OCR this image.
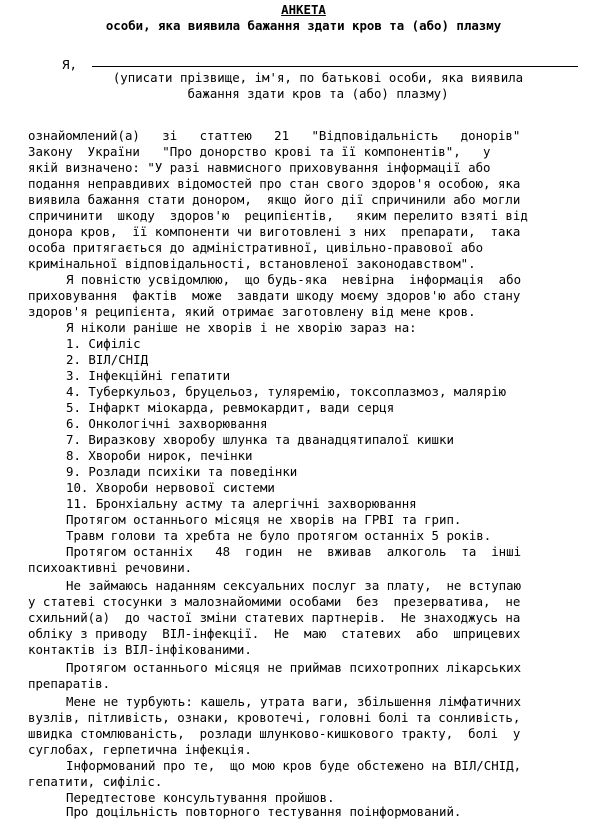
АНКЕТА
особи, яка виявила бажання здати кров та (або) плазму
Я,
(уписати прізвище, ім'я, по батькові особи, яка виявила
бажання здати кров та (або) плазму)
ознайомлений(а)   зі   статтею   21   "Відповідальність   донорів"
Закону  України   "Про донорство крові та її компонентів",   у
якій визначено: "У разі навмисного приховування інформації або
подання неправдивих відомостей про стан свого здоров'я особою, яка
виявила бажання стати донором,  якщо його дії спричинили або могли
спричинити  шкоду  здоров'ю  реципієнтів,   яким перелито взяті від
донора кров,  її компоненти чи виготовлені з них  препарати,  така
особа притягається до адміністративної, цивільно-правової або
кримінальної відповідальності, встановленої законодавством".
Я повністю усвідомлюю,  що будь-яка  невірна  інформація  або
приховування  фактів  може  завдати шкоду моєму здоров'ю або стану
здоров'я реципієнта, який отримає заготовлену від мене кров.
Я ніколи раніше не хворів і не хворію зараз на:
1. Сифіліс
2. ВІЛ/СНІД
3. Інфекційні гепатити
4. Туберкульоз, бруцельоз, туляремію, токсоплазмоз, малярію
5. Інфаркт міокарда, ревмокардит, вади серця
6. Онкологічні захворювання
7. Виразкову хворобу шлунка та дванадцятипалої кишки
8. Хвороби нирок, печінки
9. Розлади психіки та поведінки
10. Хвороби нервової системи
11. Бронхіальну астму та алергічні захворювання
Протягом останнього місяця не хворів на ГРВІ та грип.
Травм голови та хребта не було протягом останніх 5 років.
Протягом останніх   48  годин  не  вживав  алкоголь  та  інші
психоактивні речовини.
Не займаюсь наданням сексуальних послуг за плату,  не вступаю
у статеві стосунки з малознайомими особами  без  презерватива,  не
схильний(а)  до частої зміни статевих партнерів.  Не знаходжусь на
обліку з приводу  ВІЛ-інфекції.  Не  маю  статевих  або  шприцевих
контактів із ВІЛ-інфікованими.
Протягом останнього місяця не приймав психотропних лікарських
препаратів.
Мене не турбують: кашель, утрата ваги, збільшення лімфатичних
вузлів, пітливість, ознаки, кровотечі, головні болі та сонливість,
швидка стомлюваність,  розлади шлунково-кишкового тракту,  болі  у
суглобах, герпетична інфекція.
Інформований про те,  що мою кров буде обстежено на ВІЛ/СНІД,
гепатити, сифіліс.
Передтестове консультування пройшов.
Про доцільність повторного тестування поінформований.
